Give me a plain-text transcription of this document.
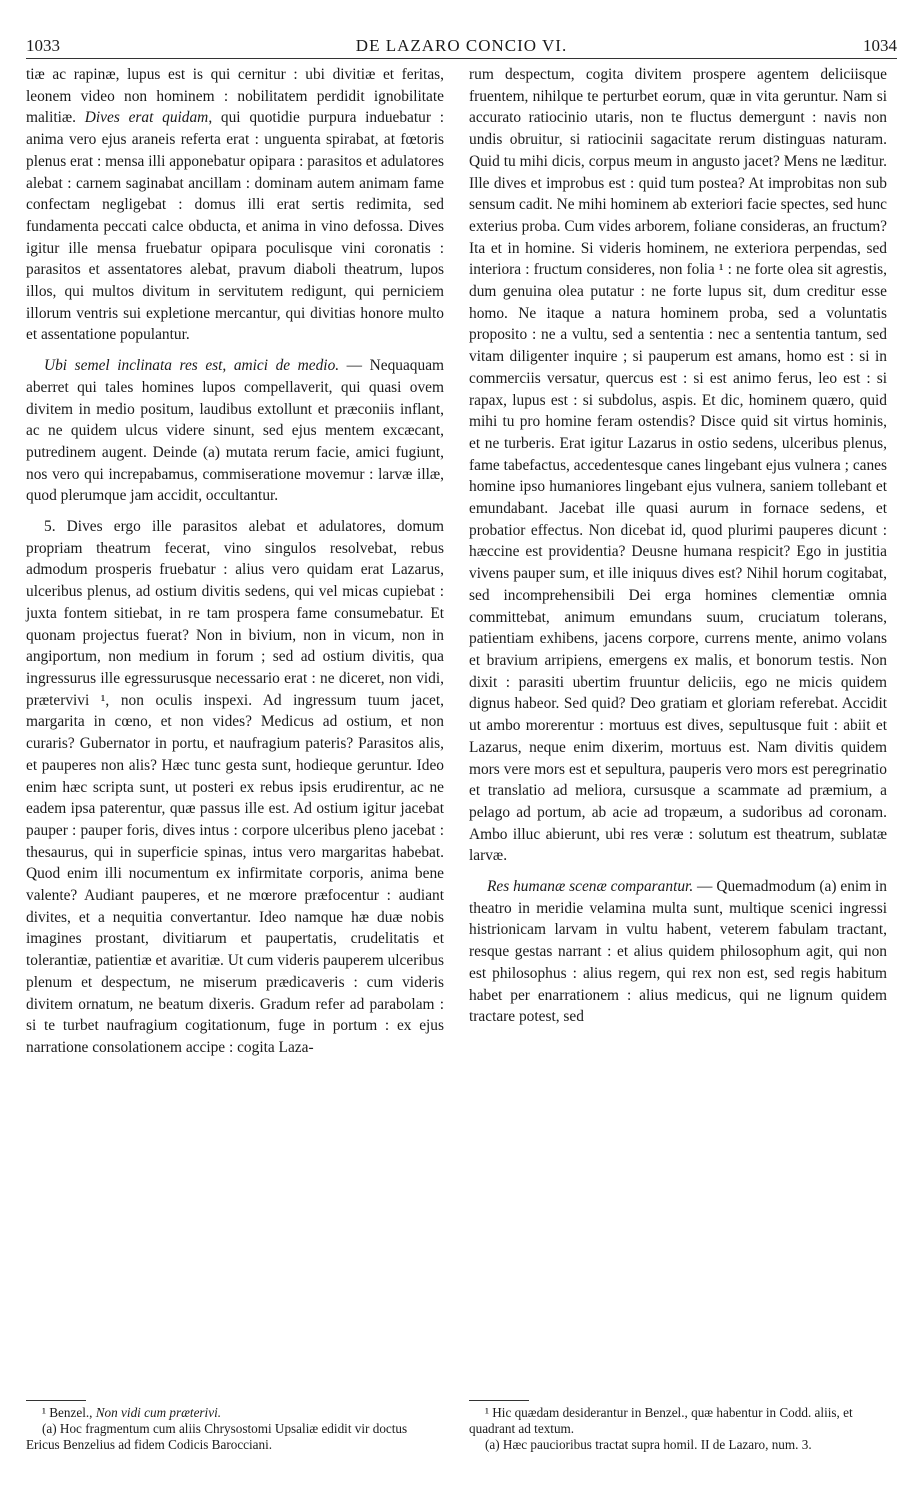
1033	DE LAZARO CONCIO VI.	1034

tiæ ac rapinæ, lupus est is qui cernitur : ubi divitiæ et feritas, leonem video non hominem : nobilitatem perdidit ignobilitate malitiæ. Dives erat quidam, qui quotidie purpura induebatur : anima vero ejus araneis referta erat : unguenta spirabat, at fœtoris plenus erat : mensa illi apponebatur opipara : parasitos et adulatores alebat : carnem saginabat ancillam : dominam autem animam fame confectam negligebat : domus illi erat sertis redimita, sed fundamenta peccati calce obducta, et anima in vino defossa. Dives igitur ille mensa fruebatur opipara poculisque vini coronatis : parasitos et assentatores alebat, pravum diaboli theatrum, lupos illos, qui multos divitum in servitutem redigunt, qui perniciem illorum ventris sui expletione mercantur, qui divitias honore multo et assentatione populantur.

Ubi semel inclinata res est, amici de medio. — Nequaquam aberret qui tales homines lupos compellaverit, qui quasi ovem divitem in medio positum, laudibus extollunt et præconiis inflant, ac ne quidem ulcus videre sinunt, sed ejus mentem excæcant, putredinem augent. Deinde (a) mutata rerum facie, amici fugiunt, nos vero qui increpabamus, commiseratione movemur : larvæ illæ, quod plerumque jam accidit, occultantur.

5. Dives ergo ille parasitos alebat et adulatores, domum propriam theatrum fecerat, vino singulos resolvebat, rebus admodum prosperis fruebatur : alius vero quidam erat Lazarus, ulceribus plenus, ad ostium divitis sedens, qui vel micas cupiebat : juxta fontem sitiebat, in re tam prospera fame consumebatur. Et quonam projectus fuerat? Non in bivium, non in vicum, non in angiportum, non medium in forum ; sed ad ostium divitis, qua ingressurus ille egressurusque necessario erat : ne diceret, non vidi, prætervivi ¹, non oculis inspexi. Ad ingressum tuum jacet, margarita in cœno, et non vides? Medicus ad ostium, et non curaris? Gubernator in portu, et naufragium pateris? Parasitos alis, et pauperes non alis? Hæc tunc gesta sunt, hodieque geruntur. Ideo enim hæc scripta sunt, ut posteri ex rebus ipsis erudirentur, ac ne eadem ipsa paterentur, quæ passus ille est. Ad ostium igitur jacebat pauper : pauper foris, dives intus : corpore ulceribus pleno jacebat : thesaurus, qui in superficie spinas, intus vero margaritas habebat. Quod enim illi nocumentum ex infirmitate corporis, anima bene valente? Audiant pauperes, et ne mœrore præfocentur : audiant divites, et a nequitia convertantur. Ideo namque hæ duæ nobis imagines prostant, divitiarum et paupertatis, crudelitatis et tolerantiæ, patientiæ et avaritiæ. Ut cum videris pauperem ulceribus plenum et despectum, ne miserum prædicaveris : cum videris divitem ornatum, ne beatum dixeris. Gradum refer ad parabolam : si te turbet naufragium cogitationum, fuge in portum : ex ejus narratione consolationem accipe : cogita Laza-

rum despectum, cogita divitem prospere agentem deliciisque fruentem, nihilque te perturbet eorum, quæ in vita geruntur. Nam si accurato ratiocinio utaris, non te fluctus demergunt : navis non undis obruitur, si ratiocinii sagacitate rerum distinguas naturam. Quid tu mihi dicis, corpus meum in angusto jacet? Mens ne læditur. Ille dives et improbus est : quid tum postea? At improbitas non sub sensum cadit. Ne mihi hominem ab exteriori facie spectes, sed hunc exterius proba. Cum vides arborem, foliane consideras, an fructum? Ita et in homine. Si videris hominem, ne exteriora perpendas, sed interiora : fructum consideres, non folia ¹ : ne forte olea sit agrestis, dum genuina olea putatur : ne forte lupus sit, dum creditur esse homo. Ne itaque a natura hominem proba, sed a voluntatis proposito : ne a vultu, sed a sententia : nec a sententia tantum, sed vitam diligenter inquire ; si pauperum est amans, homo est : si in commerciis versatur, quercus est : si est animo ferus, leo est : si rapax, lupus est : si subdolus, aspis. Et dic, hominem quæro, quid mihi tu pro homine feram ostendis? Disce quid sit virtus hominis, et ne turberis. Erat igitur Lazarus in ostio sedens, ulceribus plenus, fame tabefactus, accedentesque canes lingebant ejus vulnera ; canes homine ipso humaniores lingebant ejus vulnera, saniem tollebant et emundabant. Jacebat ille quasi aurum in fornace sedens, et probatior effectus. Non dicebat id, quod plurimi pauperes dicunt : hæccine est providentia? Deusne humana respicit? Ego in justitia vivens pauper sum, et ille iniquus dives est? Nihil horum cogitabat, sed incomprehensibili Dei erga homines clementiæ omnia committebat, animum emundans suum, cruciatum tolerans, patientiam exhibens, jacens corpore, currens mente, animo volans et bravium arripiens, emergens ex malis, et bonorum testis. Non dixit : parasiti ubertim fruuntur deliciis, ego ne micis quidem dignus habeor. Sed quid? Deo gratiam et gloriam referebat. Accidit ut ambo morerentur : mortuus est dives, sepultusque fuit : abiit et Lazarus, neque enim dixerim, mortuus est. Nam divitis quidem mors vere mors est et sepultura, pauperis vero mors est peregrinatio et translatio ad meliora, cursusque a scammate ad præmium, a pelago ad portum, ab acie ad tropæum, a sudoribus ad coronam. Ambo illuc abierunt, ubi res veræ : solutum est theatrum, sublatæ larvæ.

Res humanæ scenæ comparantur. — Quemadmodum (a) enim in theatro in meridie velamina multa sunt, multique scenici ingressi histrionicam larvam in vultu habent, veterem fabulam tractant, resque gestas narrant : et alius quidem philosophum agit, qui non est philosophus : alius regem, qui rex non est, sed regis habitum habet per enarrationem : alius medicus, qui ne lignum quidem tractare potest, sed

¹ Benzel., Non vidi cum præterivi.

(a) Hoc fragmentum cum aliis Chrysostomi Upsaliæ edidit vir doctus Ericus Benzelius ad fidem Codicis Barocciani.

¹ Hic quædam desiderantur in Benzel., quæ habentur in Codd. aliis, et quadrant ad textum.

(a) Hæc paucioribus tractat supra homil. II de Lazaro, num. 3.
